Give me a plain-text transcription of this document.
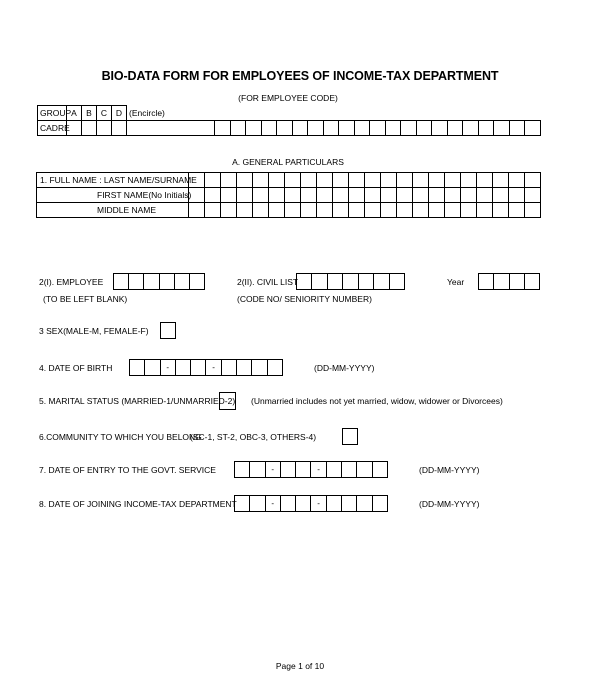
BIO-DATA FORM FOR EMPLOYEES OF INCOME-TAX DEPARTMENT
(FOR EMPLOYEE CODE)
GROUP	A	B	C	D	(Encircle)																					
CADRE																										
A. GENERAL PARTICULARS
1. FULL NAME : LAST NAME/SURNAME																						
FIRST NAME(No Initials)																						
MIDDLE NAME																						
2(I). EMPLOYEE
(TO BE LEFT BLANK)
2(II). CIVIL LIST
(CODE NO/ SENIORITY NUMBER)
Year
3 SEX(MALE-M, FEMALE-F)
4. DATE OF BIRTH	-	-	(DD-MM-YYYY)
5. MARITAL STATUS (MARRIED-1/UNMARRIED-2) (Unmarried includes not yet married, widow, widower or Divorcees)
6.COMMUNITY TO WHICH YOU BELONG
(SC-1, ST-2, OBC-3, OTHERS-4)
7. DATE OF ENTRY TO THE GOVT. SERVICE	-	-	(DD-MM-YYYY)
8. DATE OF JOINING INCOME-TAX DEPARTMENT	-	-	(DD-MM-YYYY)
Page 1 of 10
